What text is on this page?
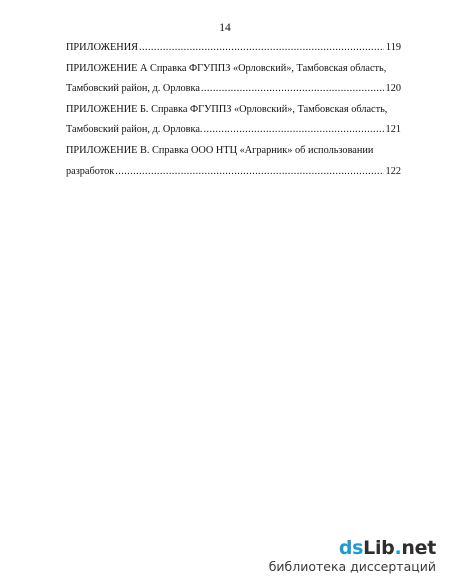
14
ПРИЛОЖЕНИЯ .....	119
ПРИЛОЖЕНИЕ А Справка ФГУППЗ «Орловский», Тамбовская область,
Тамбовский район, д. Орловка .....	120
ПРИЛОЖЕНИЕ Б. Справка ФГУППЗ «Орловский», Тамбовская область,
Тамбовский район, д. Орловка. .....	121
ПРИЛОЖЕНИЕ В. Справка ООО НТЦ «Аграрник» об использовании
разработок .....	122
ds Lib . net
библиотека диссертаций
